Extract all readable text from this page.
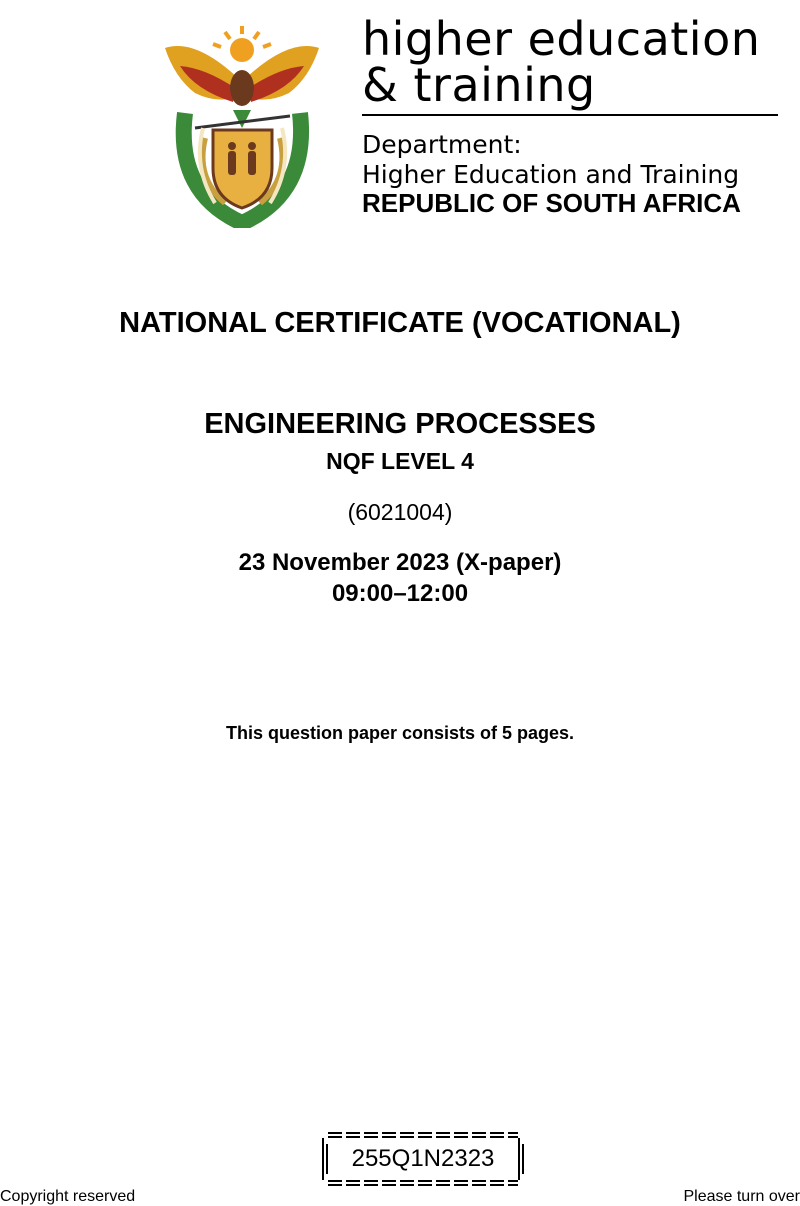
higher education
& training
Department:
Higher Education and Training
REPUBLIC OF SOUTH AFRICA
NATIONAL CERTIFICATE (VOCATIONAL)
ENGINEERING PROCESSES
NQF LEVEL 4
(6021004)
23 November 2023 (X-paper)
09:00–12:00
This question paper consists of 5 pages.
255Q1N2323
Copyright reserved	Please turn over
